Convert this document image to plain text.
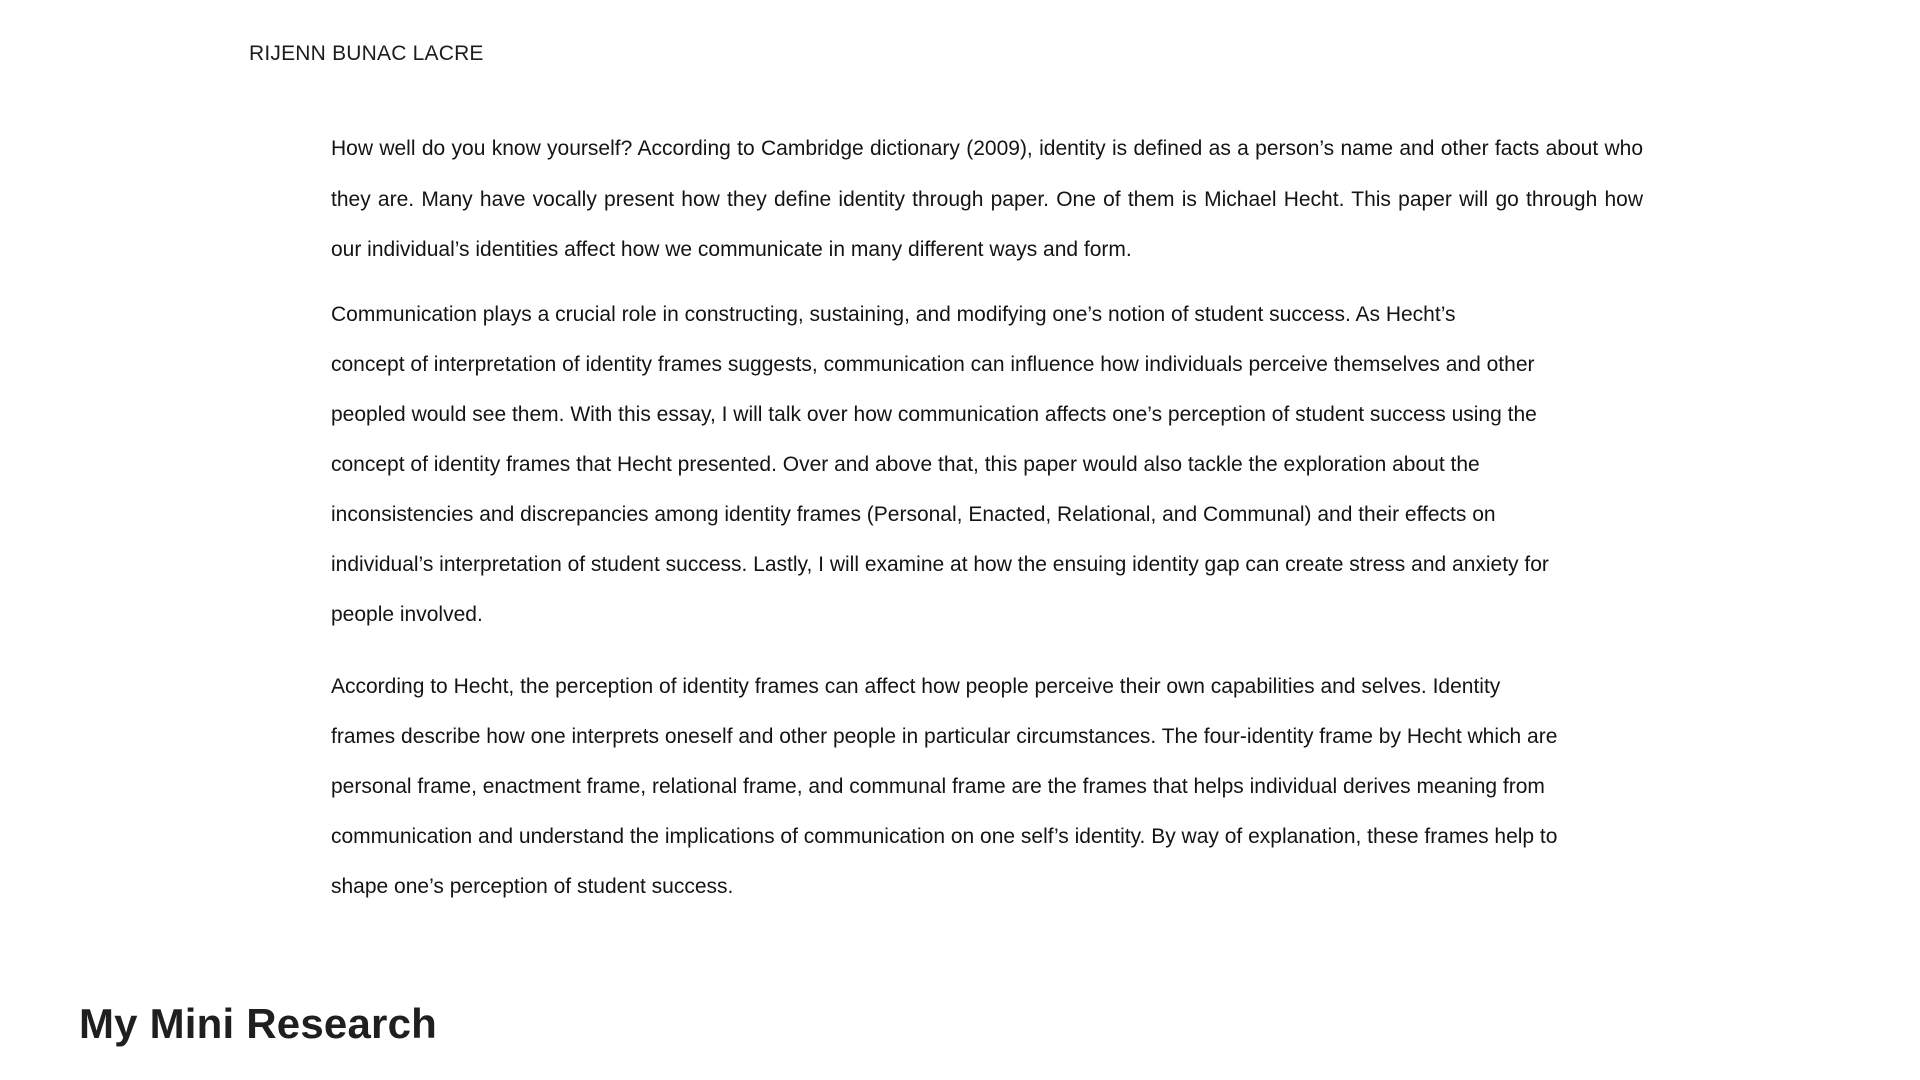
RIJENN BUNAC LACRE

How well do you know yourself? According to Cambridge dictionary (2009), identity is defined as a person’s name and other facts about who they are. Many have vocally present how they define identity through paper. One of them is Michael Hecht. This paper will go through how our individual’s identities affect how we communicate in many different ways and form.

Communication plays a crucial role in constructing, sustaining, and modifying one’s notion of student success. As Hecht’s
concept of interpretation of identity frames suggests, communication can influence how individuals perceive themselves and other
peopled would see them. With this essay, I will talk over how communication affects one’s perception of student success using the
concept of identity frames that Hecht presented. Over and above that, this paper would also tackle the exploration about the
inconsistencies and discrepancies among identity frames (Personal, Enacted, Relational, and Communal) and their effects on
individual’s interpretation of student success. Lastly, I will examine at how the ensuing identity gap can create stress and anxiety for
people involved.

According to Hecht, the perception of identity frames can affect how people perceive their own capabilities and selves. Identity
frames describe how one interprets oneself and other people in particular circumstances. The four-identity frame by Hecht which are
personal frame, enactment frame, relational frame, and communal frame are the frames that helps individual derives meaning from
communication and understand the implications of communication on one self’s identity. By way of explanation, these frames help to
shape one’s perception of student success.

My Mini Research
